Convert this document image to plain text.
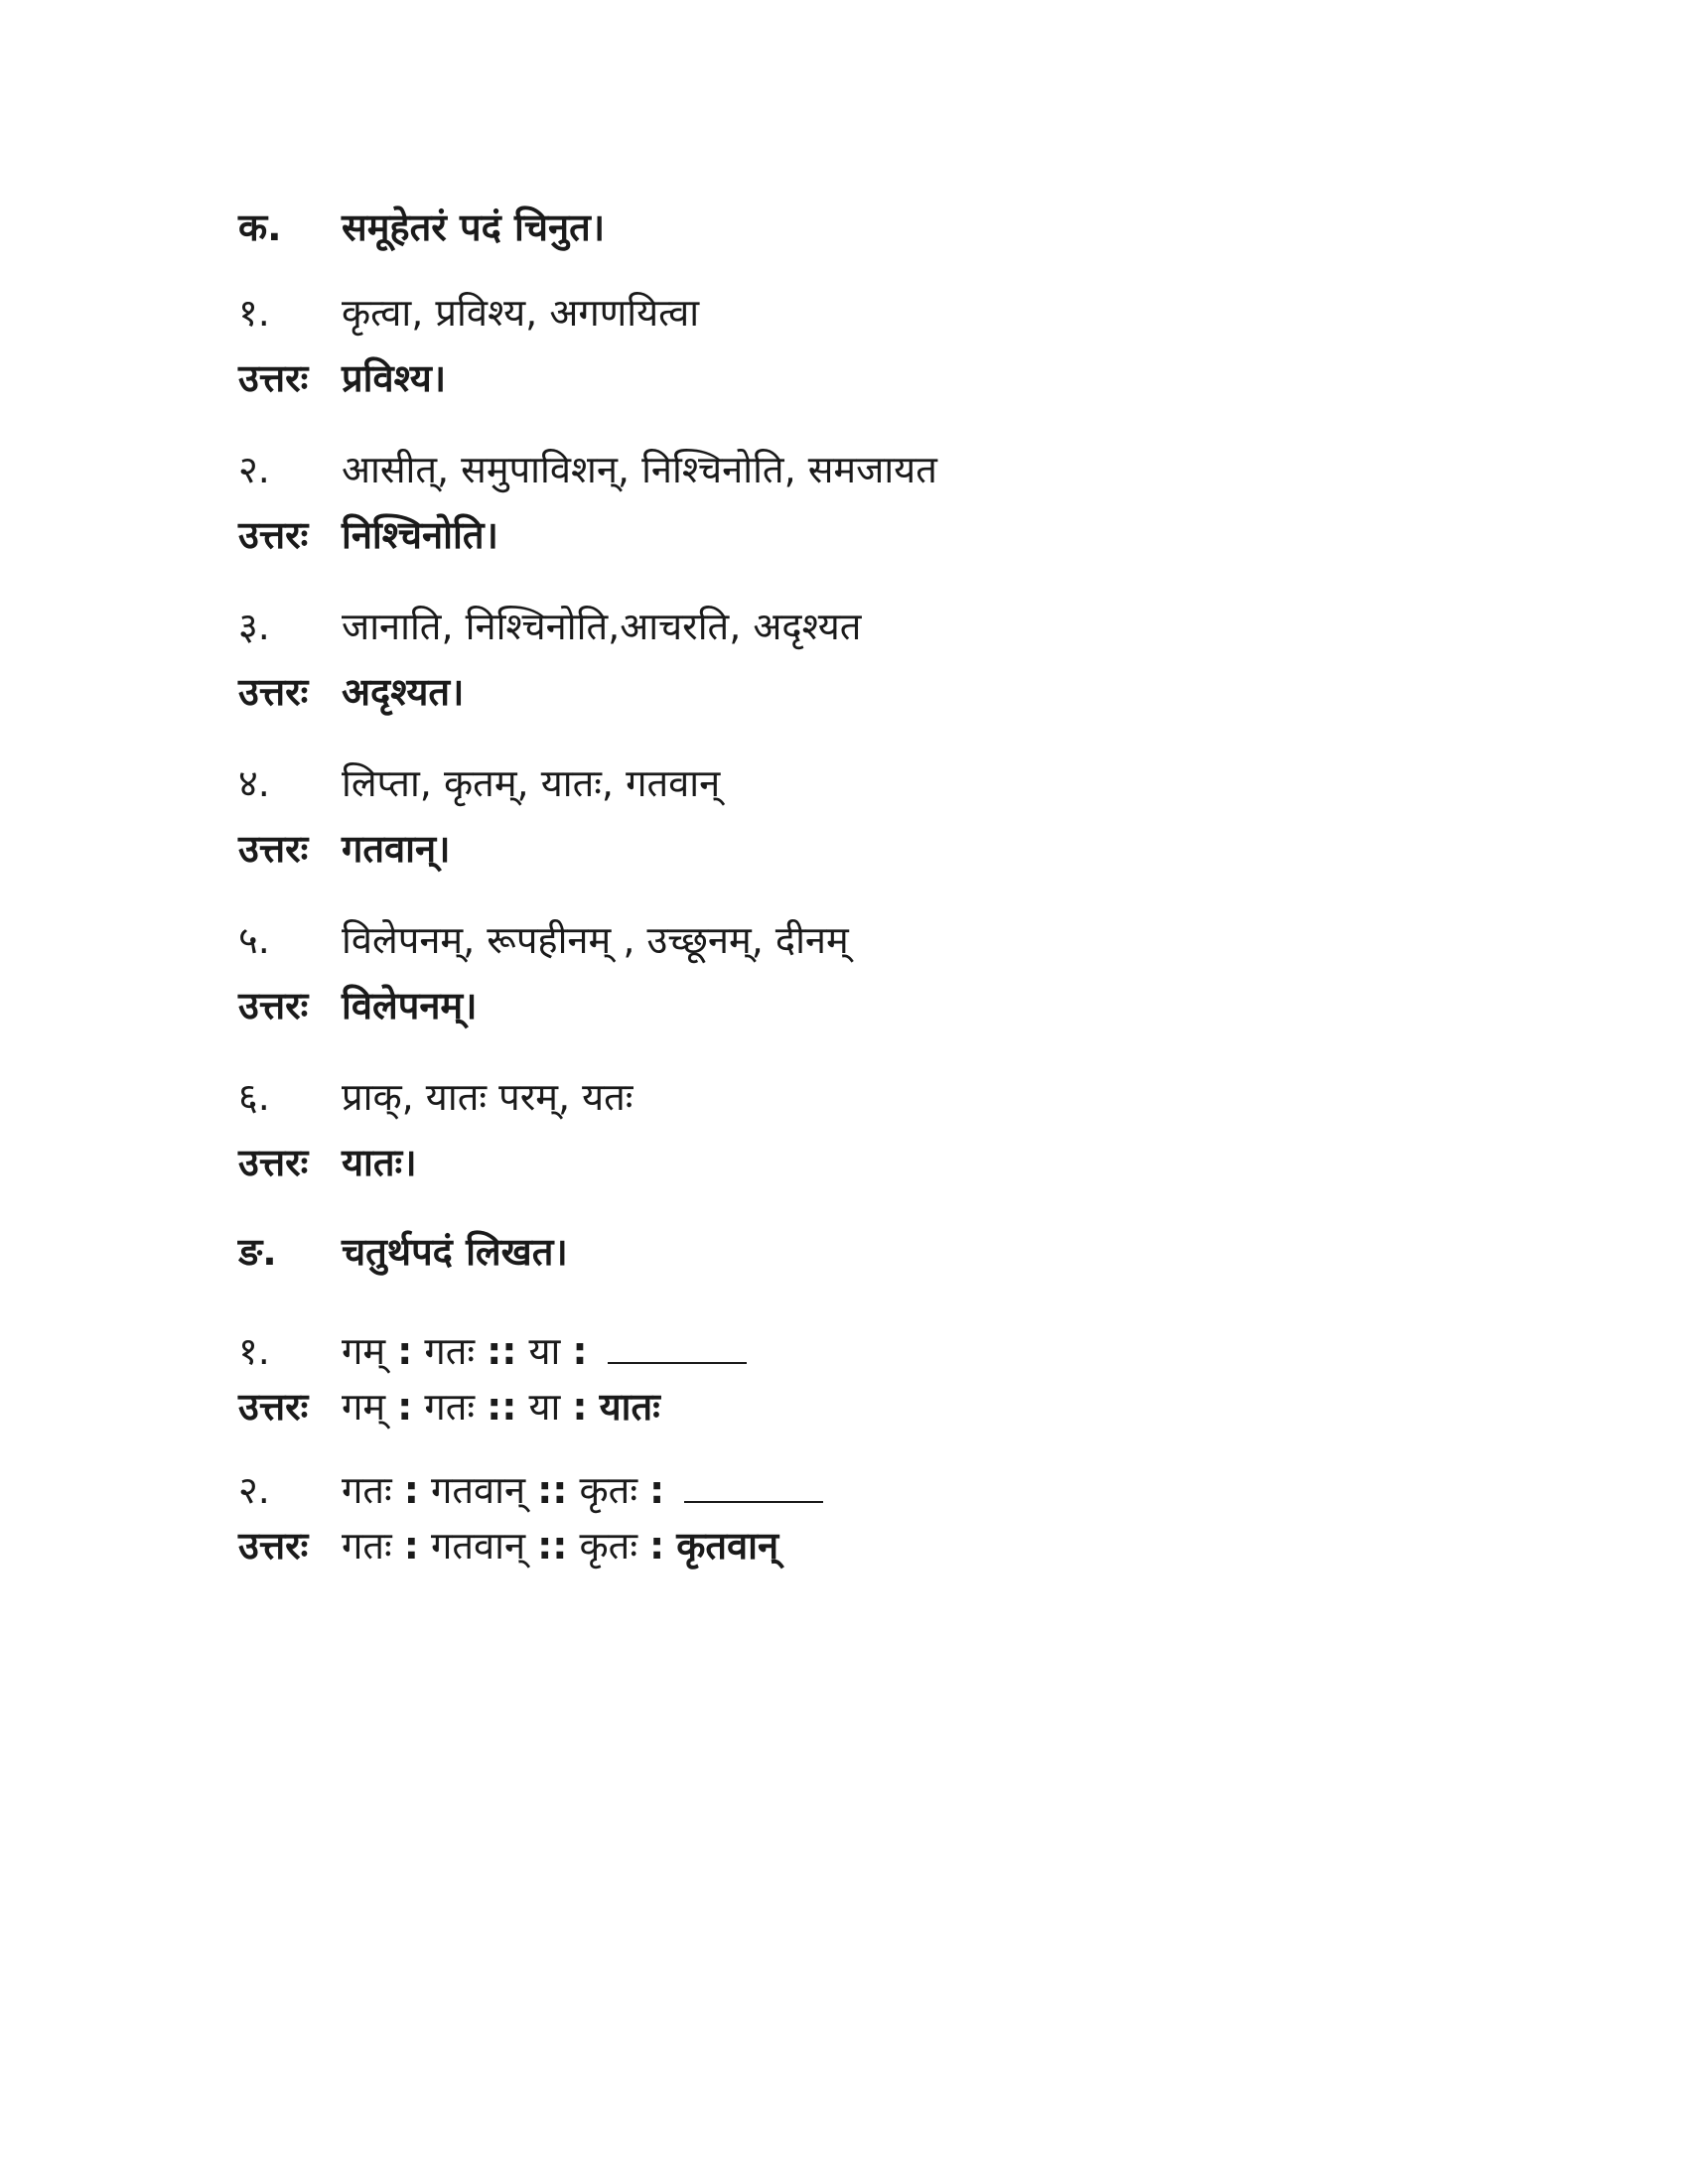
क.	समूहेतरं पदं चिनुत।
१.	कृत्वा, प्रविश्य, अगणयित्वा
उत्तरः प्रविश्य।
२.	आसीत्, समुपाविशन्, निश्चिनोति, समजायत
उत्तरः निश्चिनोति।
३.	जानाति, निश्चिनोति,आचरति, अदृश्यत
उत्तरः अदृश्यत।
४.	लिप्ता, कृतम्, यातः, गतवान्
उत्तरः गतवान्।
५.	विलेपनम्, रूपहीनम् , उच्छूनम्, दीनम्
उत्तरः विलेपनम्।
६.	प्राक्, यातः परम्, यतः
उत्तरः यातः।
ङ.	चतुर्थपदं लिखत।
१.	गम् : गतः :: या :
उत्तरः गम् : गतः :: या : यातः
२.	गतः : गतवान् :: कृतः :
उत्तरः गतः : गतवान् :: कृतः : कृतवान्
